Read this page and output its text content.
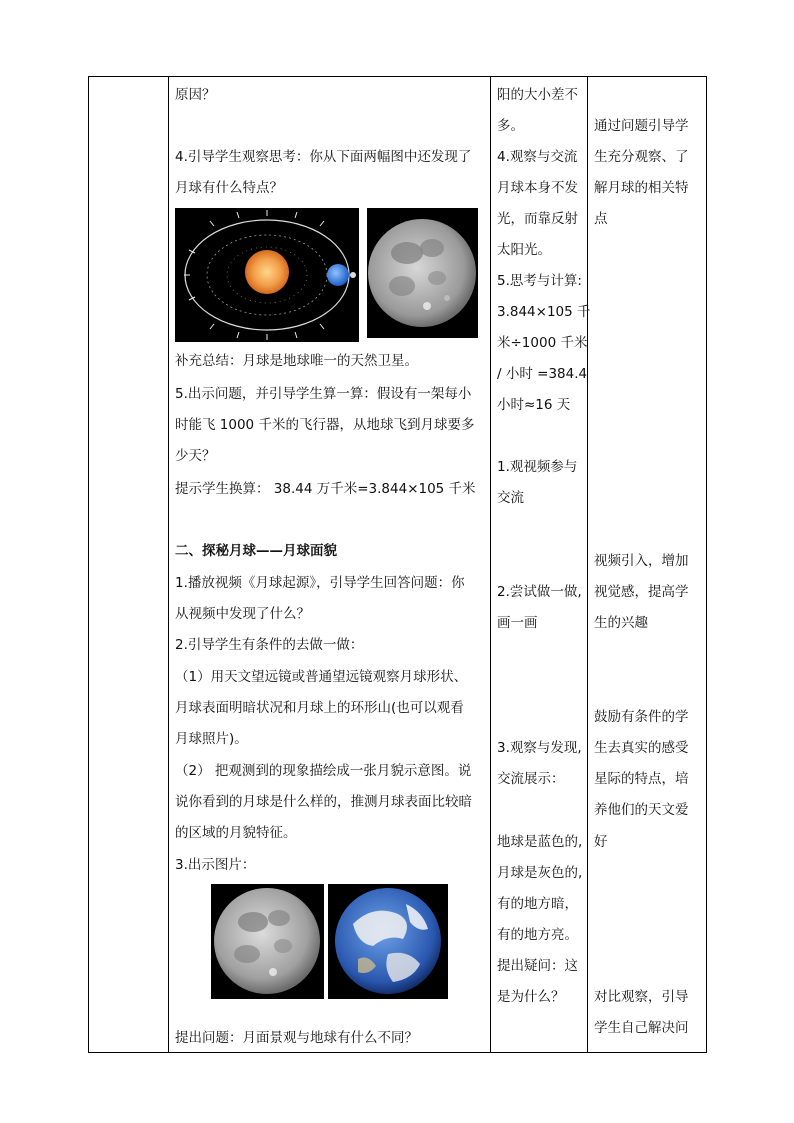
原因？
4.引导学生观察思考：你从下面两幅图中还发现了
月球有什么特点？
补充总结：月球是地球唯一的天然卫星。
5.出示问题，并引导学生算一算：假设有一架每小
时能飞 1000 千米的飞行器，从地球飞到月球要多
少天？
提示学生换算： 38.44 万千米=3.844×105 千米
二、探秘月球——月球面貌
1.播放视频《月球起源》，引导学生回答问题：你
从视频中发现了什么？
2.引导学生有条件的去做一做：
（1）用天文望远镜或普通望远镜观察月球形状、
月球表面明暗状况和月球上的环形山(也可以观看
月球照片)。
（2） 把观测到的现象描绘成一张月貌示意图。说
说你看到的月球是什么样的，推测月球表面比较暗
的区域的月貌特征。
3.出示图片：
提出问题：月面景观与地球有什么不同？
阳的大小差不
多。
4.观察与交流
月球本身不发
光，而靠反射
太阳光。
5.思考与计算:
3.844×105 千
米÷1000 千米
/ 小时 =384.4
小时≈16 天
1.观视频参与
交流
2.尝试做一做,
画一画
3.观察与发现,
交流展示：
地球是蓝色的,
月球是灰色的,
有的地方暗，
有的地方亮。
提出疑问：这
是为什么？
通过问题引导学
生充分观察、了
解月球的相关特
点
视频引入，增加
视觉感，提高学
生的兴趣
鼓励有条件的学
生去真实的感受
星际的特点，培
养他们的天文爱
好
对比观察，引导
学生自己解决问
